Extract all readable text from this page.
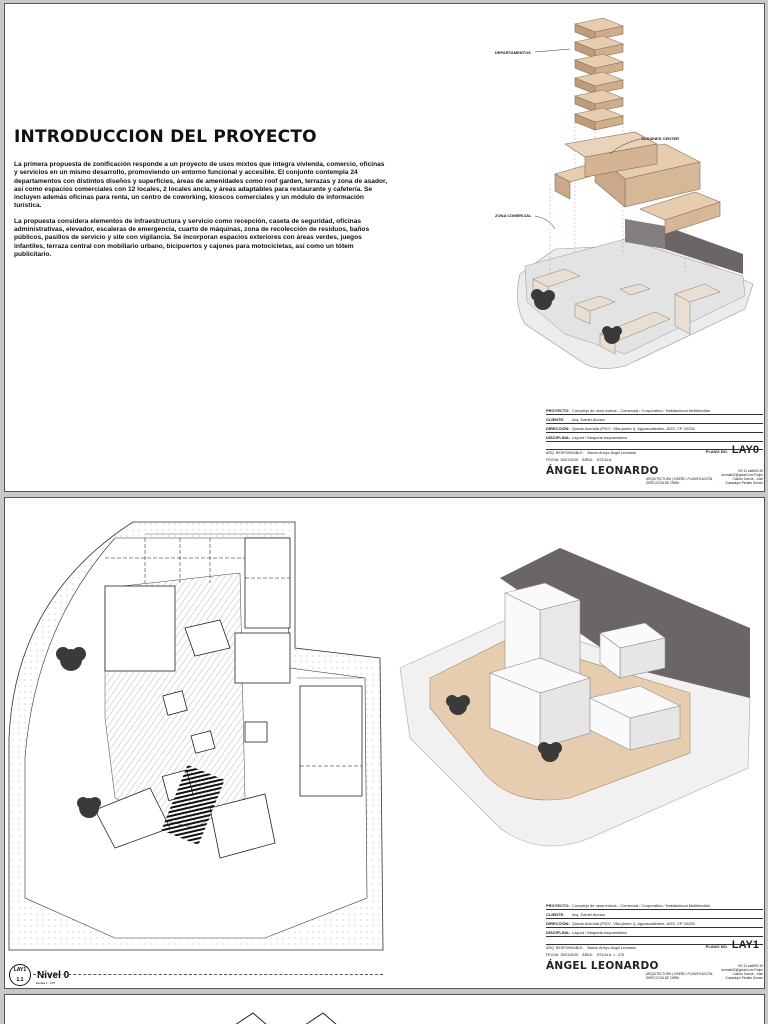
INTRODUCCION DEL PROYECTO

La primera propuesta de zonificación responde a un proyecto de usos mixtos que integra vivienda, comercio, oficinas y servicios en un mismo desarrollo, promoviendo un entorno funcional y accesible. El conjunto contempla 24 departamentos con distintos diseños y superficies, áreas de amenidades como roof garden, terrazas y zona de asador, así como espacios comerciales con 12 locales, 2 locales ancla, y áreas adaptables para restaurante y cafetería. Se incluyen además oficinas para renta, un centro de coworking, kioscos comerciales y un módulo de información turística.

La propuesta considera elementos de infraestructura y servicio como recepción, caseta de seguridad, oficinas administrativas, elevador, escaleras de emergencia, cuarto de máquinas, zona de recolección de residuos, baños públicos, pasillos de servicio y site con vigilancia. Se incorporan espacios exteriores con áreas verdes, juegos infantiles, terraza central con mobiliario urbano, bicipuertos y cajones para motocicletas, así como un tótem publicitario.

DEPARTAMENTOS
BUSSINES CENTER
ZONA COMERCIAL
PROYECTO: Complejo de usos mixtos - Comercial / Corporativo / Habitacional Multifamiliar
CLIENTE:	Arq. Daniel Alonso
DIRECCIÓN: Quinta Avenida (P307, Villa jardín I), Aguascalientes, AGS. CP 20235
DISCIPLINA: Layout / Maqueta esquemática
ARQ. RESPONSABLE: Barrón Arroyo Ángel Leonardo
FECHA: 15/01/2025 ÁREA: ESCALA:
PLANO NO. LAY0
ÁNGEL LEONARDO
ARQUITECTURA | DISEÑO, PLANIFICACIÓN, DIRECCIÓN DE OBRA
+52 11 aa5693 45 acrmab02@gmail.com Felipe Calixco García - José Guadalupe Peralta Gómez
LAY1
1.1	Nivel 0
Escala 1 : 275
PROYECTO: Complejo de usos mixtos - Comercial / Corporativo / Habitacional Multifamiliar
CLIENTE:	Arq. Daniel Alonso
DIRECCIÓN: Quinta Avenida (P307, Villa jardín I), Aguascalientes, AGS. CP 20235
DISCIPLINA: Layout / Maqueta esquemática
ARQ. RESPONSABLE: Barrón Arroyo Ángel Leonardo
FECHA: 15/01/2025 ÁREA: ESCALA: 1 : 275
PLANO NO. LAY1
ÁNGEL LEONARDO
ARQUITECTURA | DISEÑO, PLANIFICACIÓN, DIRECCIÓN DE OBRA
+52 11 aa5693 45 acrmab02@gmail.com Felipe Calixco García - José Guadalupe Peralta Gómez
